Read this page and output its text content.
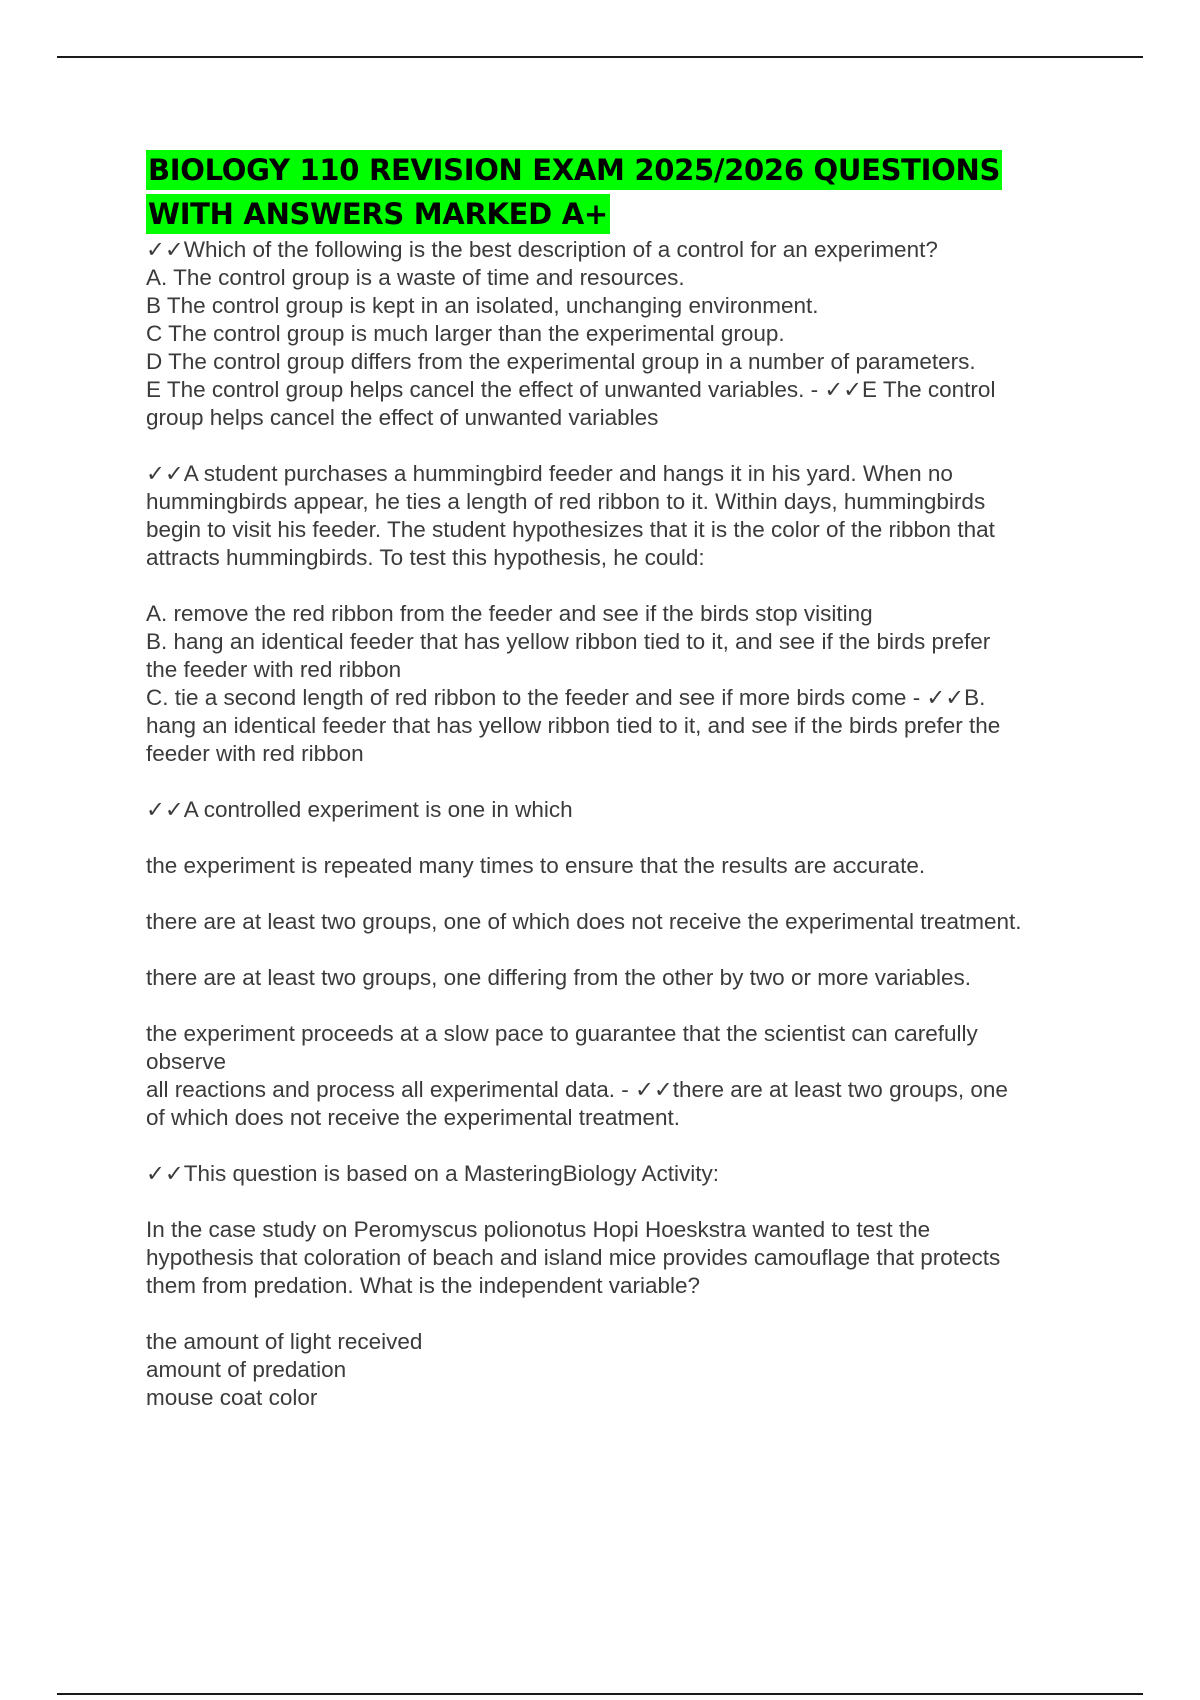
BIOLOGY 110 REVISION EXAM 2025/2026 QUESTIONS
WITH ANSWERS MARKED A+
✓✓Which of the following is the best description of a control for an experiment?
A. The control group is a waste of time and resources.
B The control group is kept in an isolated, unchanging environment.
C The control group is much larger than the experimental group.
D The control group differs from the experimental group in a number of parameters.
E The control group helps cancel the effect of unwanted variables. - ✓✓E The control
group helps cancel the effect of unwanted variables
✓✓A student purchases a hummingbird feeder and hangs it in his yard. When no
hummingbirds appear, he ties a length of red ribbon to it. Within days, hummingbirds
begin to visit his feeder. The student hypothesizes that it is the color of the ribbon that
attracts hummingbirds. To test this hypothesis, he could:
A. remove the red ribbon from the feeder and see if the birds stop visiting
B. hang an identical feeder that has yellow ribbon tied to it, and see if the birds prefer
the feeder with red ribbon
C. tie a second length of red ribbon to the feeder and see if more birds come - ✓✓B.
hang an identical feeder that has yellow ribbon tied to it, and see if the birds prefer the
feeder with red ribbon
✓✓A controlled experiment is one in which
the experiment is repeated many times to ensure that the results are accurate.
there are at least two groups, one of which does not receive the experimental treatment.
there are at least two groups, one differing from the other by two or more variables.
the experiment proceeds at a slow pace to guarantee that the scientist can carefully
observe
all reactions and process all experimental data. - ✓✓there are at least two groups, one
of which does not receive the experimental treatment.
✓✓This question is based on a MasteringBiology Activity:
In the case study on Peromyscus polionotus Hopi Hoeskstra wanted to test the
hypothesis that coloration of beach and island mice provides camouflage that protects
them from predation. What is the independent variable?
the amount of light received
amount of predation
mouse coat color
